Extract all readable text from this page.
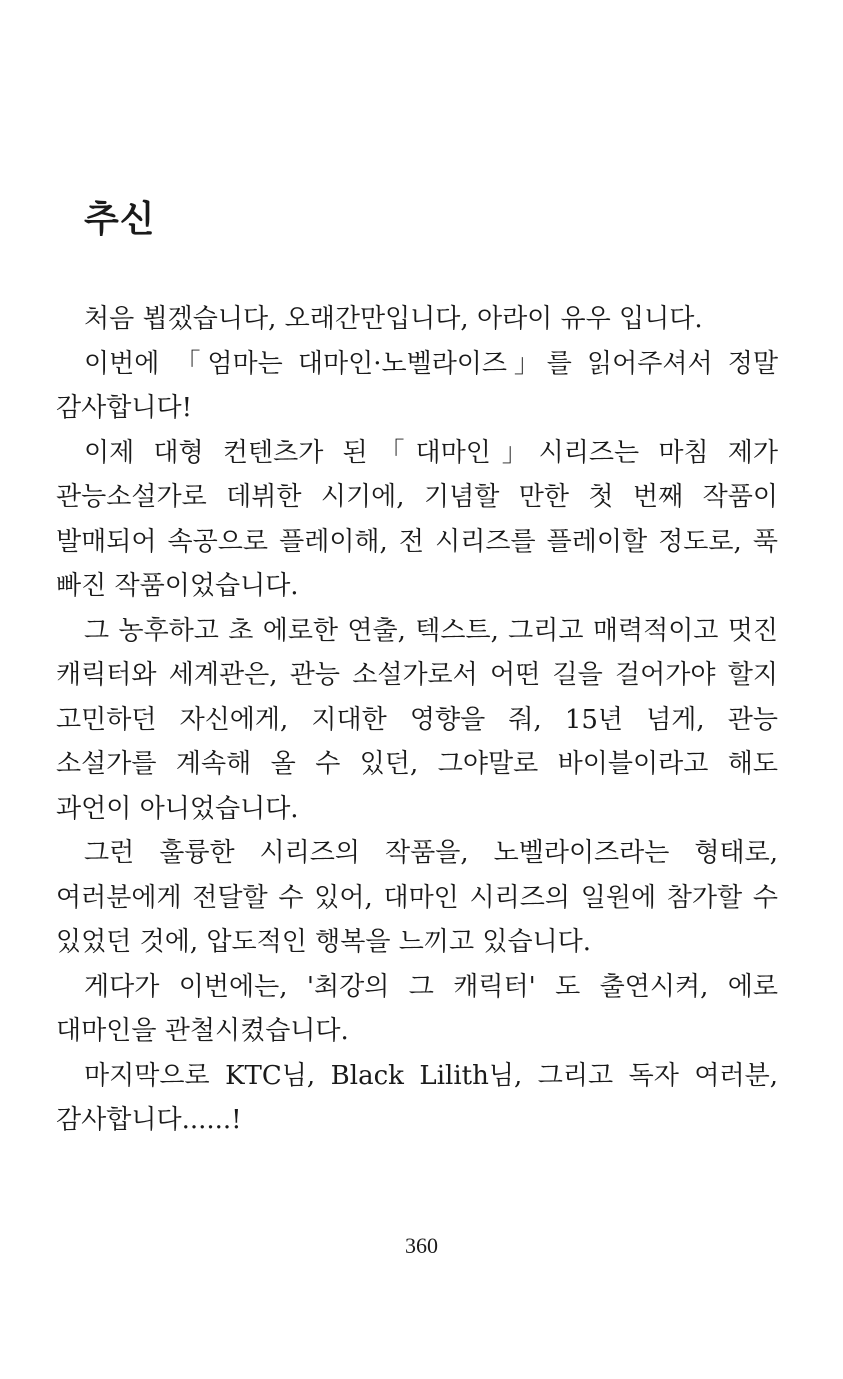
추신

처음 뵙겠습니다, 오래간만입니다, 아라이 유우 입니다.

이번에 「엄마는 대마인·노벨라이즈」를 읽어주셔서 정말 감사합니다!

이제 대형 컨텐츠가 된「대마인」시리즈는 마침 제가 관능소설가로 데뷔한 시기에, 기념할 만한 첫 번째 작품이 발매되어 속공으로 플레이해, 전 시리즈를 플레이할 정도로, 푹 빠진 작품이었습니다.

그 농후하고 초 에로한 연출, 텍스트, 그리고 매력적이고 멋진 캐릭터와 세계관은, 관능 소설가로서 어떤 길을 걸어가야 할지 고민하던 자신에게, 지대한 영향을 줘, 15년 넘게, 관능 소설가를 계속해 올 수 있던, 그야말로 바이블이라고 해도 과언이 아니었습니다.

그런 훌륭한 시리즈의 작품을, 노벨라이즈라는 형태로, 여러분에게 전달할 수 있어, 대마인 시리즈의 일원에 참가할 수 있었던 것에, 압도적인 행복을 느끼고 있습니다.

게다가 이번에는, '최강의 그 캐릭터' 도 출연시켜, 에로 대마인을 관철시켰습니다.

마지막으로 KTC님, Black Lilith님, 그리고 독자 여러분, 감사합니다......!

360
